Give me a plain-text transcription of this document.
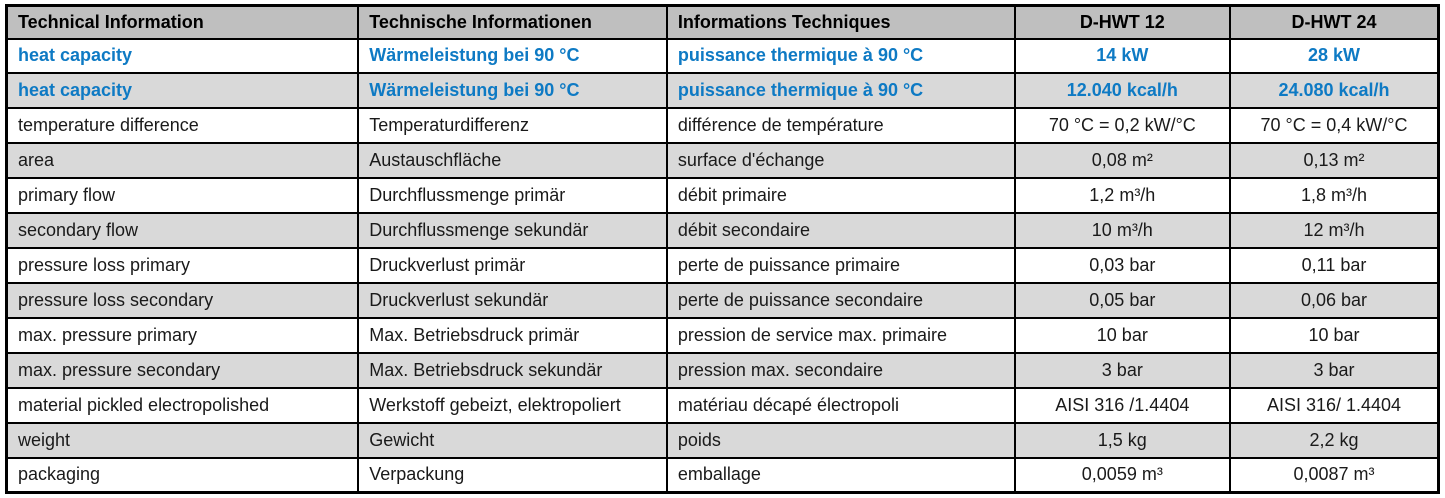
Technical Information	Technische Informationen	Informations Techniques	D-HWT 12	D-HWT 24
heat capacity	Wärmeleistung bei 90 °C	puissance thermique à 90 °C	14 kW	28 kW
heat capacity	Wärmeleistung bei 90 °C	puissance thermique à 90 °C	12.040 kcal/h	24.080 kcal/h
temperature difference	Temperaturdifferenz	différence de température	70 °C = 0,2 kW/°C	70 °C = 0,4 kW/°C
area	Austauschfläche	surface d'échange	0,08 m²	0,13 m²
primary flow	Durchflussmenge primär	débit primaire	1,2 m³/h	1,8 m³/h
secondary flow	Durchflussmenge sekundär	débit secondaire	10 m³/h	12 m³/h
pressure loss primary	Druckverlust primär	perte de puissance primaire	0,03 bar	0,11 bar
pressure loss secondary	Druckverlust sekundär	perte de puissance secondaire	0,05 bar	0,06 bar
max. pressure primary	Max. Betriebsdruck primär	pression de service max. primaire	10 bar	10 bar
max. pressure secondary	Max. Betriebsdruck sekundär	pression max. secondaire	3 bar	3 bar
material pickled electropolished	Werkstoff gebeizt, elektropoliert	matériau décapé électropoli	AISI 316 /1.4404	AISI 316/ 1.4404
weight	Gewicht	poids	1,5 kg	2,2 kg
packaging	Verpackung	emballage	0,0059 m³	0,0087 m³
